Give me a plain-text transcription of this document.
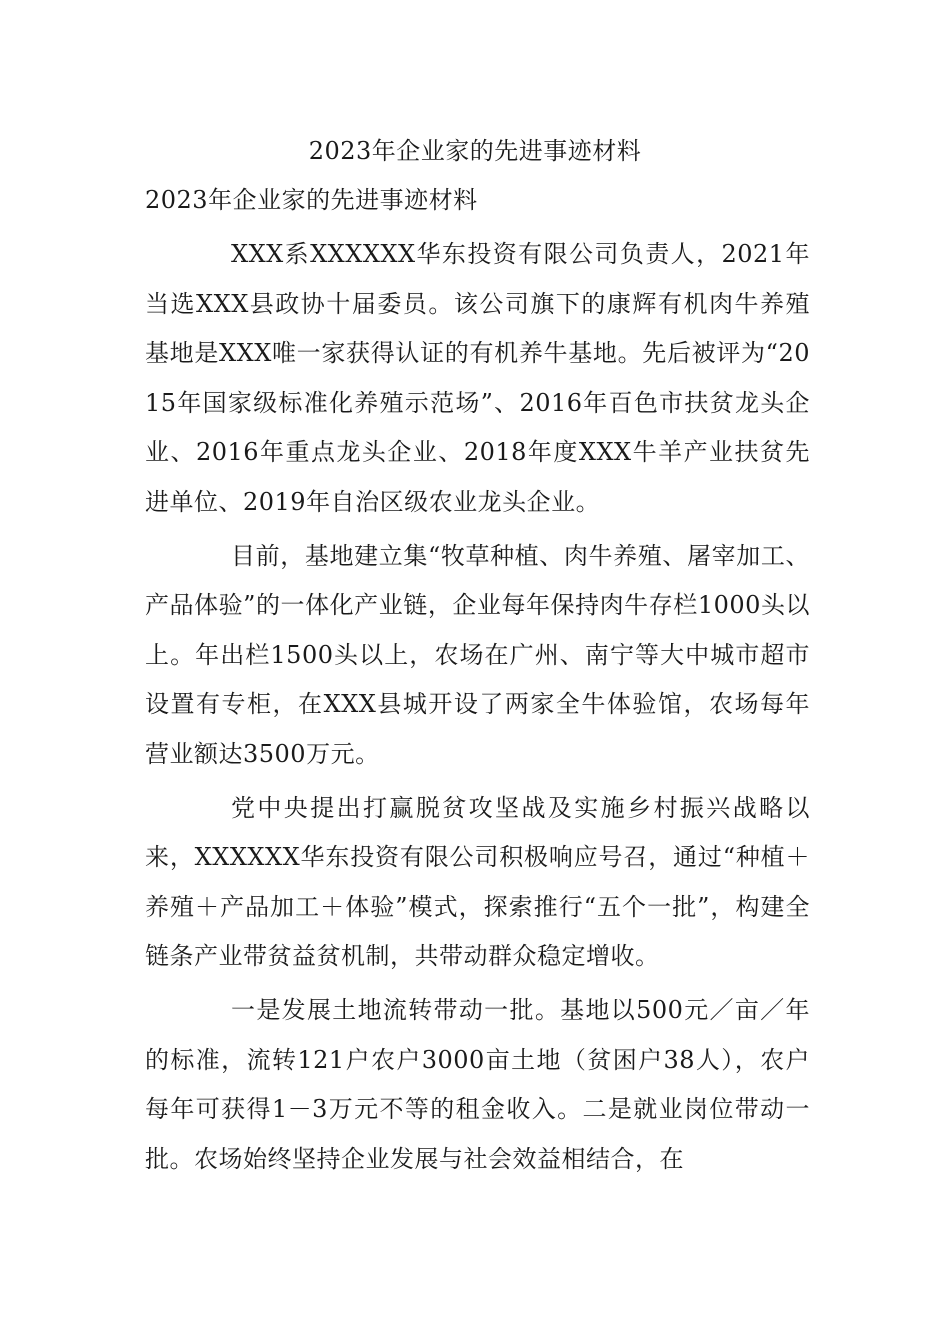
2023年企业家的先进事迹材料
2023年企业家的先进事迹材料

XXX系XXXXXX华东投资有限公司负责人，2021年当选XXX县政协十届委员。该公司旗下的康辉有机肉牛养殖基地是XXX唯一家获得认证的有机养牛基地。先后被评为“2015年国家级标准化养殖示范场”、2016年百色市扶贫龙头企业、2016年重点龙头企业、2018年度XXX牛羊产业扶贫先进单位、2019年自治区级农业龙头企业。

目前，基地建立集“牧草种植、肉牛养殖、屠宰加工、产品体验”的一体化产业链，企业每年保持肉牛存栏1000头以上。年出栏1500头以上，农场在广州、南宁等大中城市超市设置有专柜，在XXX县城开设了两家全牛体验馆，农场每年营业额达3500万元。

党中央提出打赢脱贫攻坚战及实施乡村振兴战略以来，XXXXXX华东投资有限公司积极响应号召，通过“种植＋养殖＋产品加工＋体验”模式，探索推行“五个一批”，构建全链条产业带贫益贫机制，共带动群众稳定增收。

一是发展土地流转带动一批。基地以500元／亩／年的标准，流转121户农户3000亩土地（贫困户38人），农户每年可获得1－3万元不等的租金收入。二是就业岗位带动一批。农场始终坚持企业发展与社会效益相结合，在
